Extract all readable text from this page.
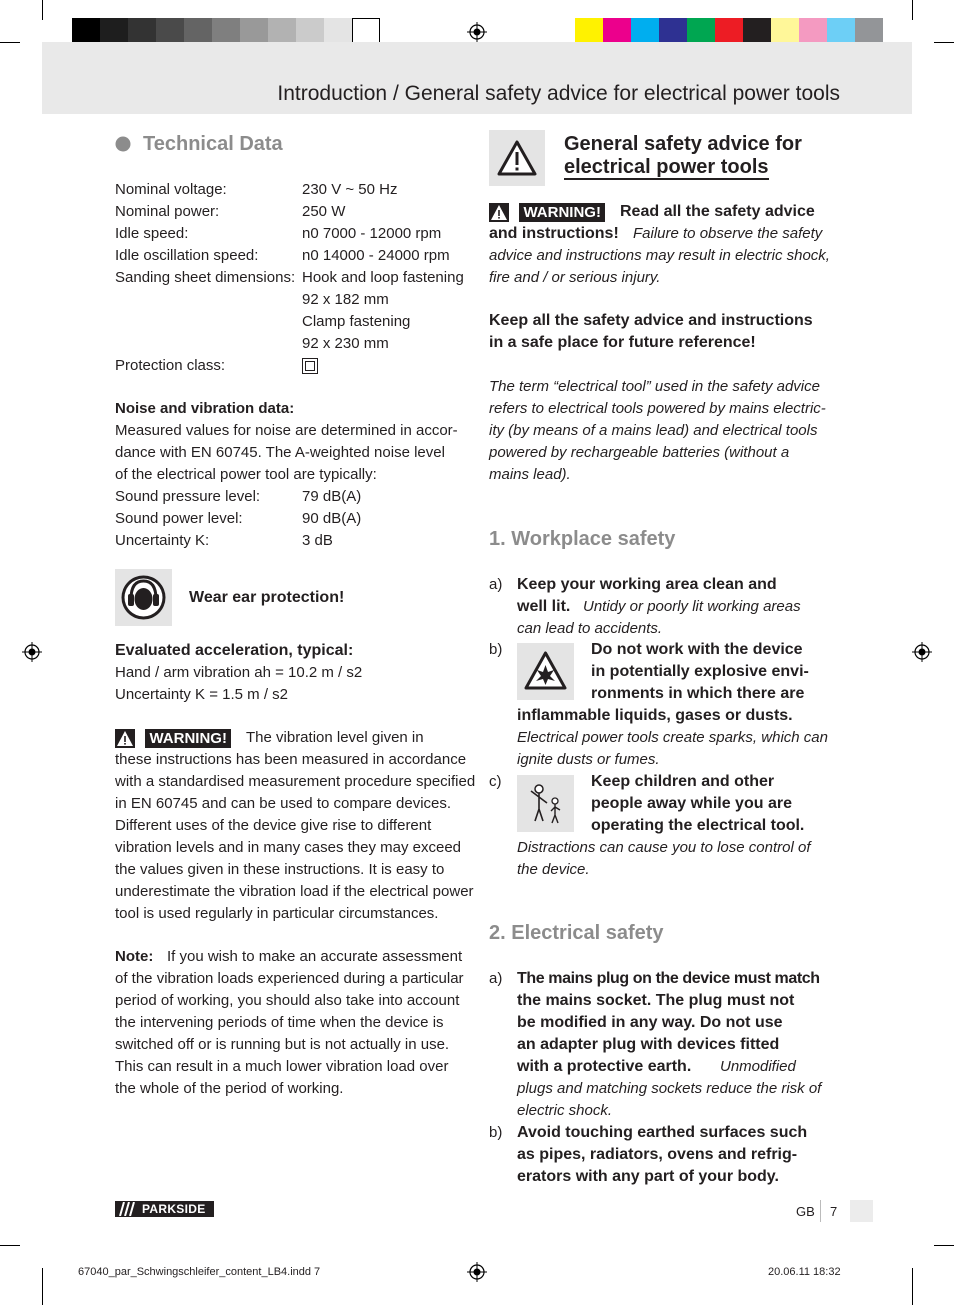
Introduction / General safety advice for electrical power tools
Technical Data
Nominal voltage:	230 V ~ 50 Hz
Nominal power:	250 W
Idle speed:	n0 7000 - 12000 rpm
Idle oscillation speed:	n0 14000 - 24000 rpm
Sanding sheet dimensions: Hook and loop fastening
92 x 182 mm
Clamp fastening
92 x 230 mm
Protection class:
Noise and vibration data:
Measured values for noise are determined in accor-
dance with EN 60745. The A-weighted noise level
of the electrical power tool are typically:
Sound pressure level:	79 dB(A)
Sound power level:	90 dB(A)
Uncertainty K:	3 dB
Wear ear protection!
Evaluated acceleration, typical:
Hand / arm vibration ah = 10.2 m / s2
Uncertainty K = 1.5 m / s2
WARNING! The vibration level given in
these instructions has been measured in accordance
with a standardised measurement procedure specified
in EN 60745 and can be used to compare devices.
Different uses of the device give rise to different
vibration levels and in many cases they may exceed
the values given in these instructions. It is easy to
underestimate the vibration load if the electrical power
tool is used regularly in particular circumstances.
Note: If you wish to make an accurate assessment
of the vibration loads experienced during a particular
period of working, you should also take into account
the intervening periods of time when the device is
switched off or is running but is not actually in use.
This can result in a much lower vibration load over
the whole of the period of working.
General safety advice for
electrical power tools
WARNING! Read all the safety advice
and instructions! Failure to observe the safety
advice and instructions may result in electric shock,
fire and / or serious injury.
Keep all the safety advice and instructions
in a safe place for future reference!
The term “electrical tool” used in the safety advice
refers to electrical tools powered by mains electric-
ity (by means of a mains lead) and electrical tools
powered by rechargeable batteries (without a
mains lead).
1. Workplace safety
a) Keep your working area clean and
well lit. Untidy or poorly lit working areas
can lead to accidents.
b)	Do not work with the device
in potentially explosive envi-
ronments in which there are
inflammable liquids, gases or dusts.
Electrical power tools create sparks, which can
ignite dusts or fumes.
c)	Keep children and other
people away while you are
operating the electrical tool.
Distractions can cause you to lose control of
the device.
2. Electrical safety
a) The mains plug on the device must match
the mains socket. The plug must not
be modified in any way. Do not use
an adapter plug with devices fitted
with a protective earth. Unmodified
plugs and matching sockets reduce the risk of
electric shock.
b) Avoid touching earthed surfaces such
as pipes, radiators, ovens and refrig-
erators with any part of your body.
PARKSIDE	GB 7
67040_par_Schwingschleifer_content_LB4.indd 7	20.06.11 18:32
